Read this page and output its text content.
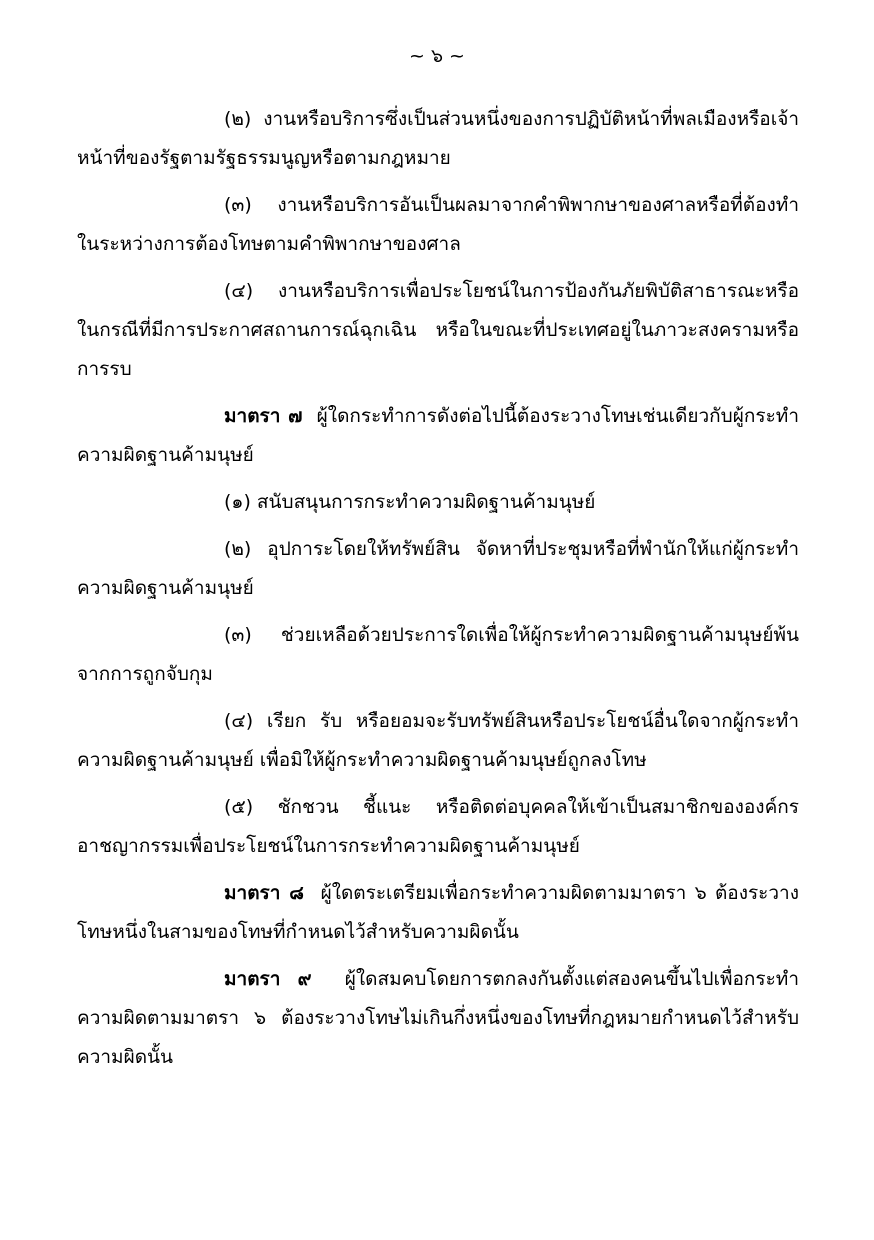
~ ๖ ~

(๒) งานหรือบริการซึ่งเป็นส่วนหนึ่งของการปฏิบัติหน้าที่พลเมืองหรือเจ้าหน้าที่ของรัฐตามรัฐธรรมนูญหรือตามกฎหมาย

(๓) งานหรือบริการอันเป็นผลมาจากคำพิพากษาของศาลหรือที่ต้องทำในระหว่างการต้องโทษตามคำพิพากษาของศาล

(๔) งานหรือบริการเพื่อประโยชน์ในการป้องกันภัยพิบัติสาธารณะหรือในกรณีที่มีการประกาศสถานการณ์ฉุกเฉิน หรือในขณะที่ประเทศอยู่ในภาวะสงครามหรือการรบ

มาตรา ๗ ผู้ใดกระทำการดังต่อไปนี้ต้องระวางโทษเช่นเดียวกับผู้กระทำความผิดฐานค้ามนุษย์

(๑) สนับสนุนการกระทำความผิดฐานค้ามนุษย์

(๒) อุปการะโดยให้ทรัพย์สิน จัดหาที่ประชุมหรือที่พำนักให้แก่ผู้กระทำความผิดฐานค้ามนุษย์

(๓) ช่วยเหลือด้วยประการใดเพื่อให้ผู้กระทำความผิดฐานค้ามนุษย์พ้นจากการถูกจับกุม

(๔) เรียก รับ หรือยอมจะรับทรัพย์สินหรือประโยชน์อื่นใดจากผู้กระทำความผิดฐานค้ามนุษย์ เพื่อมิให้ผู้กระทำความผิดฐานค้ามนุษย์ถูกลงโทษ

(๕) ชักชวน ชี้แนะ หรือติดต่อบุคคลให้เข้าเป็นสมาชิกขององค์กรอาชญากรรมเพื่อประโยชน์ในการกระทำความผิดฐานค้ามนุษย์

มาตรา ๘ ผู้ใดตระเตรียมเพื่อกระทำความผิดตามมาตรา ๖ ต้องระวางโทษหนึ่งในสามของโทษที่กำหนดไว้สำหรับความผิดนั้น

มาตรา ๙ ผู้ใดสมคบโดยการตกลงกันตั้งแต่สองคนขึ้นไปเพื่อกระทำความผิดตามมาตรา ๖ ต้องระวางโทษไม่เกินกึ่งหนึ่งของโทษที่กฎหมายกำหนดไว้สำหรับความผิดนั้น
